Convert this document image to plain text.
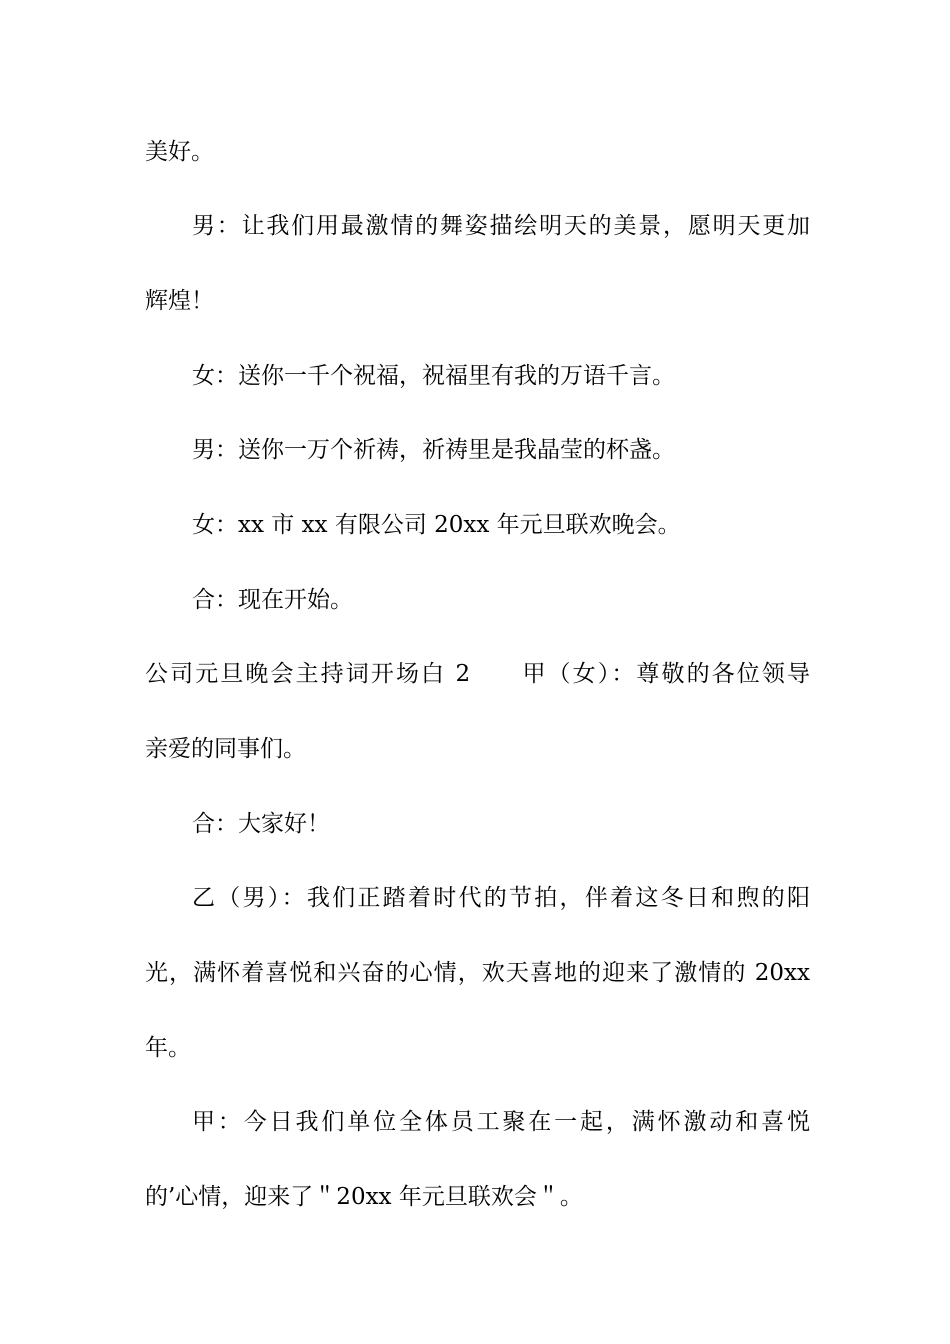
美好。
男：让我们用最激情的舞姿描绘明天的美景，愿明天更加
辉煌！
女：送你一千个祝福，祝福里有我的万语千言。
男：送你一万个祈祷，祈祷里是我晶莹的杯盏。
女：xx 市 xx 有限公司 20xx 年元旦联欢晚会。
合：现在开始。
公司元旦晚会主持词开场白 2　　甲（女）：尊敬的各位领导
亲爱的同事们。
合：大家好！
乙（男）：我们正踏着时代的节拍，伴着这冬日和煦的阳
光，满怀着喜悦和兴奋的心情，欢天喜地的迎来了激情的 20xx
年。
甲：今日我们单位全体员工聚在一起，满怀激动和喜悦
的’心情，迎来了＂20xx 年元旦联欢会＂。
